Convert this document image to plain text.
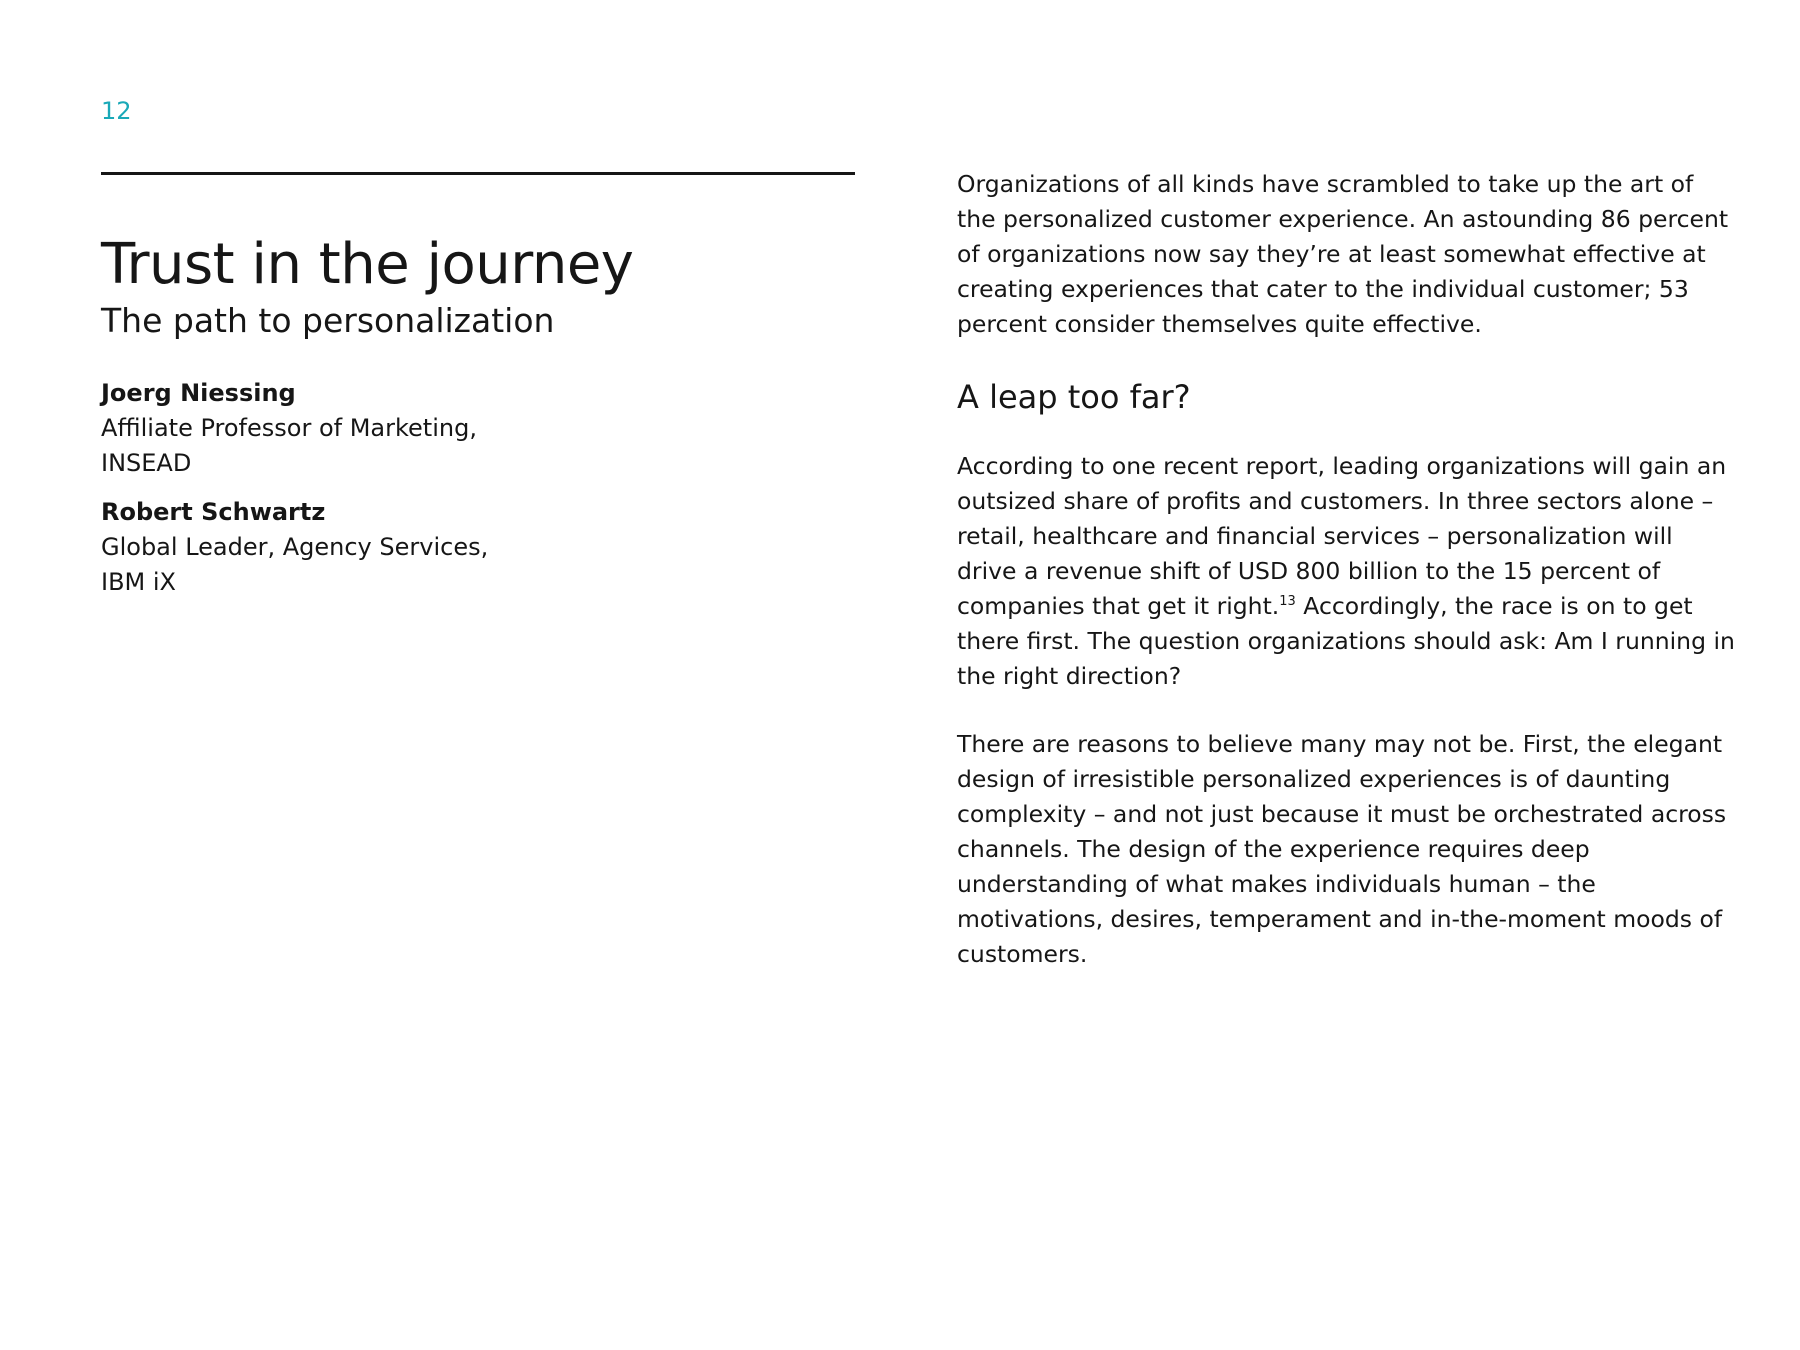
12

Trust in the journey
The path to personalization

Joerg Niessing

Affiliate Professor of Marketing,
INSEAD

Robert Schwartz

Global Leader, Agency Services,
IBM iX

Organizations of all kinds have scrambled to take up the art of the personalized customer experience. An astounding 86 percent of organizations now say they’re at least somewhat effective at creating experiences that cater to the individual customer; 53 percent consider themselves quite effective.

A leap too far?

According to one recent report, leading organizations will gain an outsized share of profits and customers. In three sectors alone – retail, healthcare and financial services – personalization will drive a revenue shift of USD 800 billion to the 15 percent of companies that get it right.$^{13}$ Accordingly, the race is on to get there first. The question organizations should ask: Am I running in the right direction?

There are reasons to believe many may not be. First, the elegant design of irresistible personalized experiences is of daunting complexity – and not just because it must be orchestrated across channels. The design of the experience requires deep understanding of what makes individuals human – the motivations, desires, temperament and in-the-moment moods of customers.
